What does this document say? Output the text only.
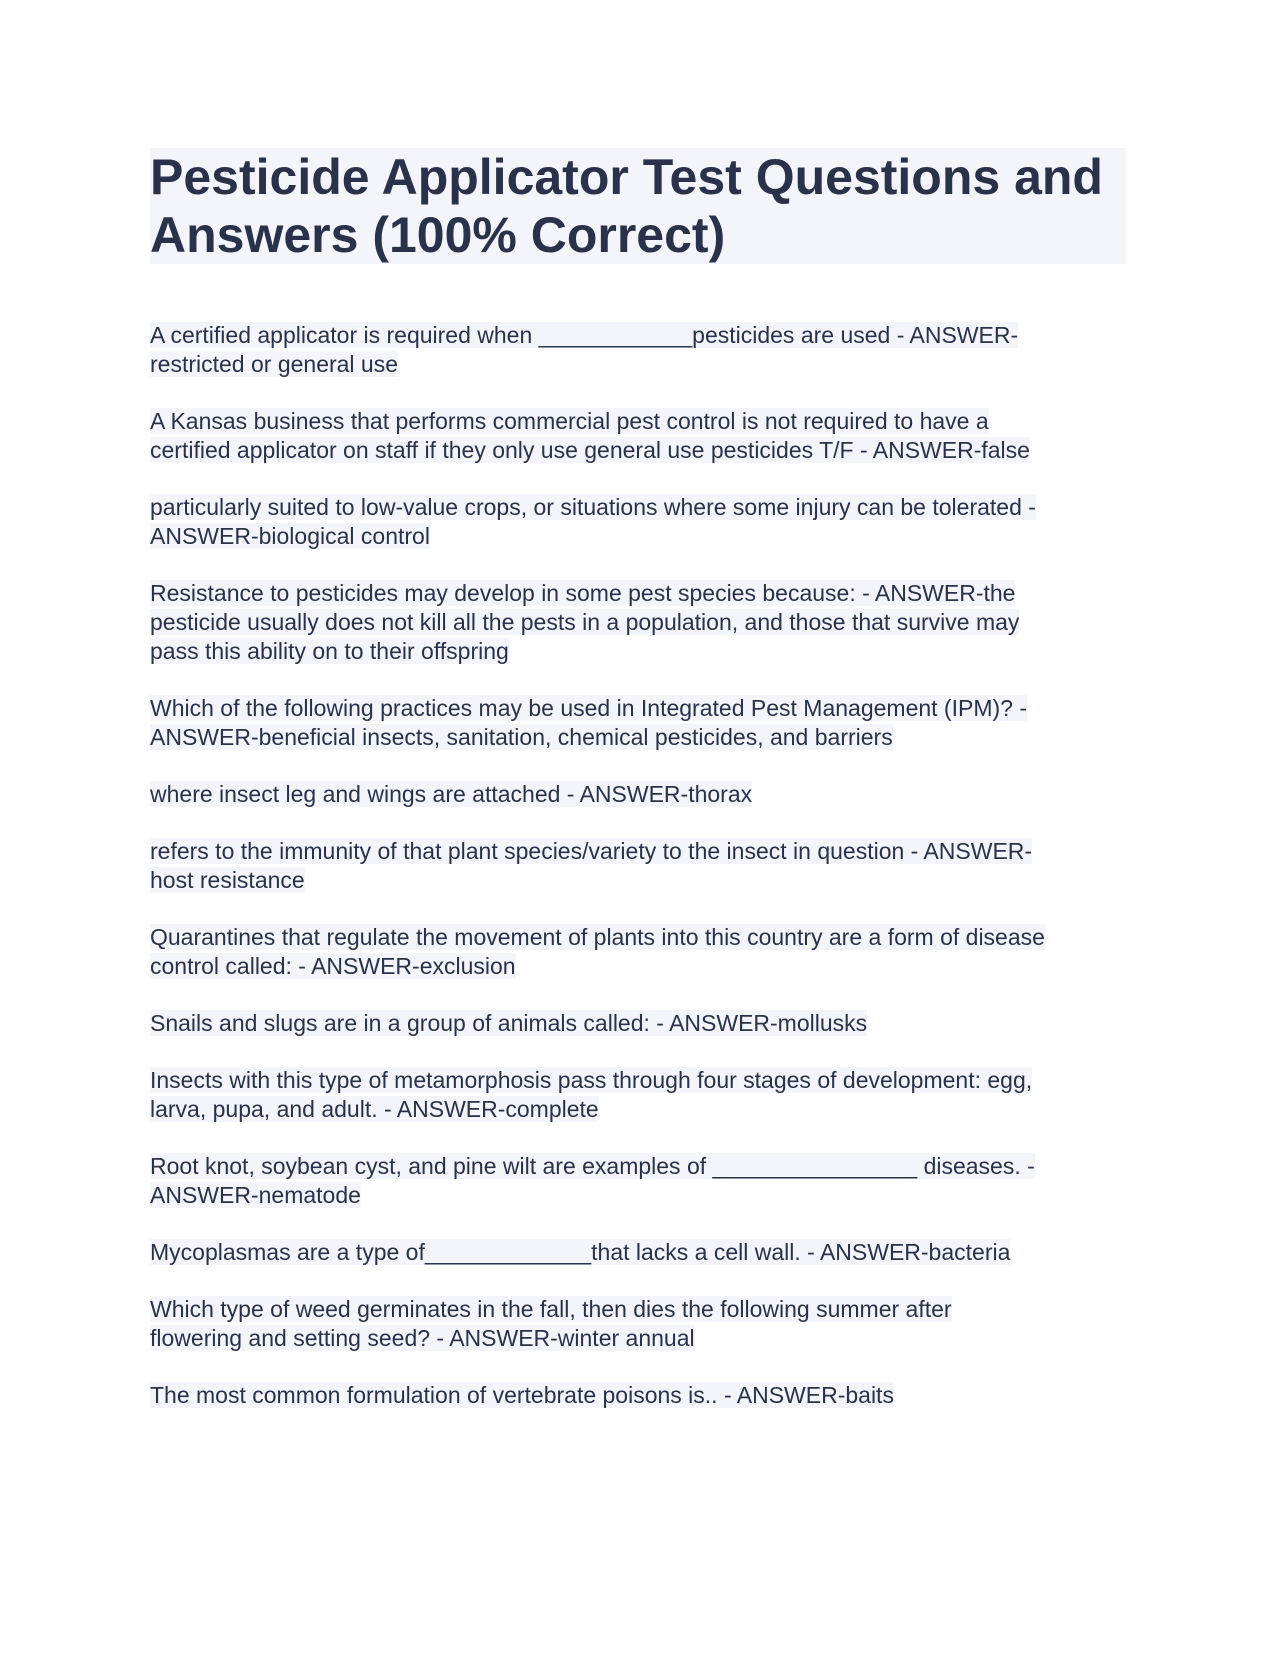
Pesticide Applicator Test Questions and Answers (100% Correct)

A certified applicator is required when ____________pesticides are used - ANSWER-
restricted or general use

A Kansas business that performs commercial pest control is not required to have a
certified applicator on staff if they only use general use pesticides T/F - ANSWER-false

particularly suited to low-value crops, or situations where some injury can be tolerated -
ANSWER-biological control

Resistance to pesticides may develop in some pest species because: - ANSWER-the
pesticide usually does not kill all the pests in a population, and those that survive may
pass this ability on to their offspring

Which of the following practices may be used in Integrated Pest Management (IPM)? -
ANSWER-beneficial insects, sanitation, chemical pesticides, and barriers

where insect leg and wings are attached - ANSWER-thorax

refers to the immunity of that plant species/variety to the insect in question - ANSWER-
host resistance

Quarantines that regulate the movement of plants into this country are a form of disease
control called: - ANSWER-exclusion

Snails and slugs are in a group of animals called: - ANSWER-mollusks

Insects with this type of metamorphosis pass through four stages of development: egg,
larva, pupa, and adult. - ANSWER-complete

Root knot, soybean cyst, and pine wilt are examples of ________________ diseases. -
ANSWER-nematode

Mycoplasmas are a type of_____________that lacks a cell wall. - ANSWER-bacteria

Which type of weed germinates in the fall, then dies the following summer after
flowering and setting seed? - ANSWER-winter annual

The most common formulation of vertebrate poisons is.. - ANSWER-baits
